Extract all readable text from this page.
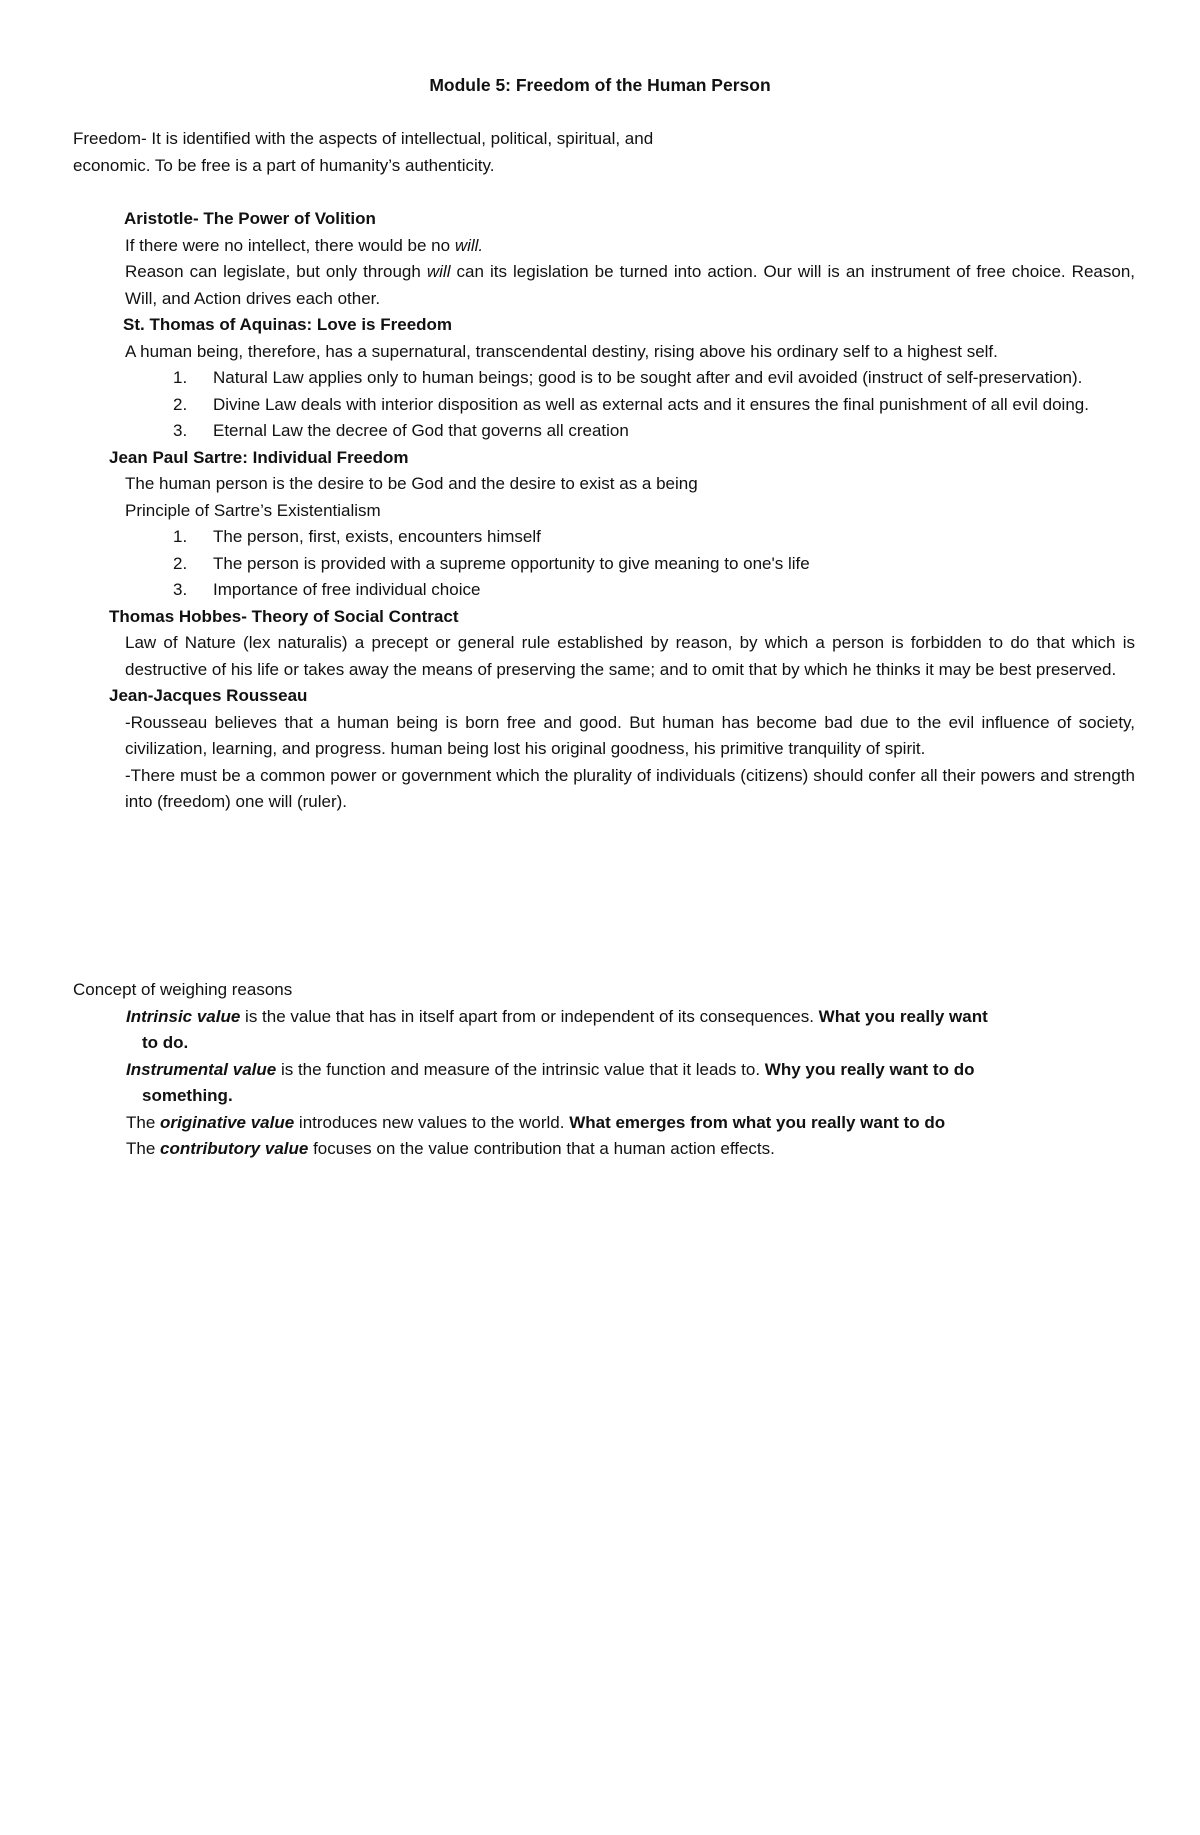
Module 5: Freedom of the Human Person

Freedom- It is identified with the aspects of intellectual, political, spiritual, and

economic. To be free is a part of humanity’s authenticity.

Aristotle- The Power of Volition

If there were no intellect, there would be no will.

Reason can legislate, but only through will can its legislation be turned into action. Our will is an instrument of free choice. Reason, Will, and Action drives each other.

St. Thomas of Aquinas: Love is Freedom

A human being, therefore, has a supernatural, transcendental destiny, rising above his ordinary self to a highest self.

1. Natural Law applies only to human beings; good is to be sought after and evil avoided (instruct of self-preservation).
2. Divine Law deals with interior disposition as well as external acts and it ensures the final punishment of all evil doing.
3. Eternal Law the decree of God that governs all creation

Jean Paul Sartre: Individual Freedom

The human person is the desire to be God and the desire to exist as a being

Principle of Sartre’s Existentialism

1. The person, first, exists, encounters himself
2. The person is provided with a supreme opportunity to give meaning to one's life
3. Importance of free individual choice

Thomas Hobbes- Theory of Social Contract

Law of Nature (lex naturalis) a precept or general rule established by reason, by which a person is forbidden to do that which is destructive of his life or takes away the means of preserving the same; and to omit that by which he thinks it may be best preserved.

Jean-Jacques Rousseau

-Rousseau believes that a human being is born free and good. But human has become bad due to the evil influence of society, civilization, learning, and progress. human being lost his original goodness, his primitive tranquility of spirit.

-There must be a common power or government which the plurality of individuals (citizens) should confer all their powers and strength into (freedom) one will (ruler).

Concept of weighing reasons

Intrinsic value is the value that has in itself apart from or independent of its consequences. What you really want

to do.

Instrumental value is the function and measure of the intrinsic value that it leads to. Why you really want to do

something.

The originative value introduces new values to the world. What emerges from what you really want to do

The contributory value focuses on the value contribution that a human action effects.
